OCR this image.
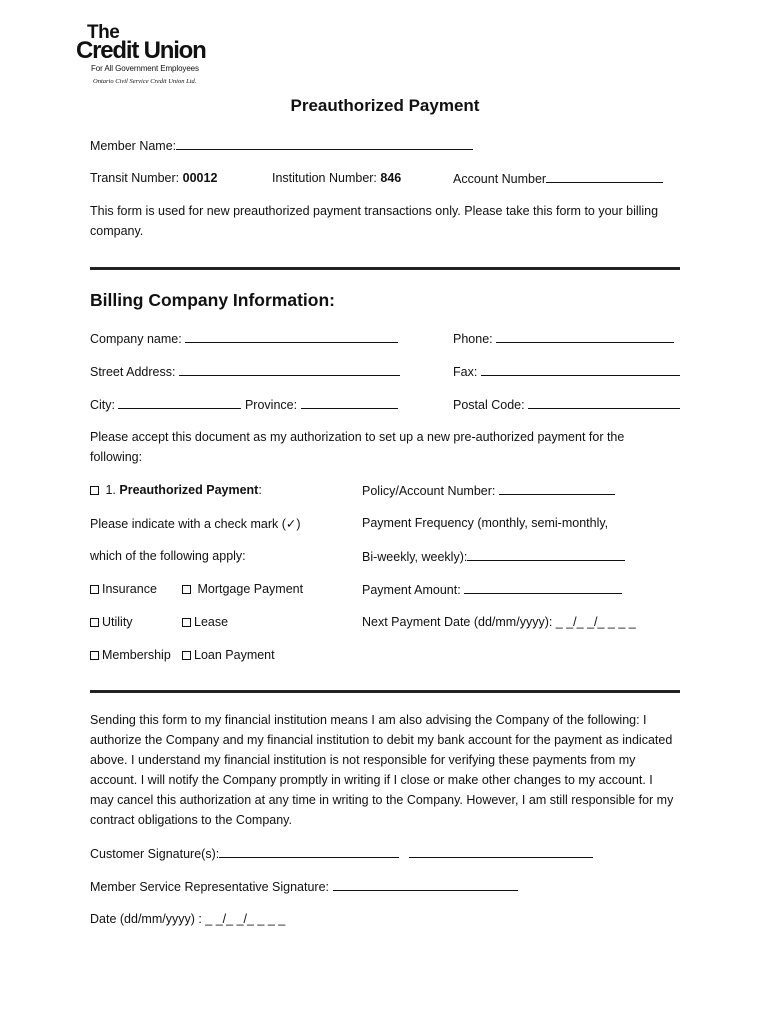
The
Credit Union
For All Government Employees
Ontario Civil Service Credit Union Ltd.
Preauthorized Payment
Member Name:
Transit Number: 00012	Institution Number: 846	Account Number
This form is used for new preauthorized payment transactions only. Please take this form to your billing company.
Billing Company Information:
Company name:	Phone:
Street Address:	Fax:
City:	Province:	Postal Code:
Please accept this document as my authorization to set up a new pre-authorized payment for the following:
1. Preauthorized Payment:	Policy/Account Number:
Please indicate with a check mark (✓)	Payment Frequency (monthly, semi-monthly,
which of the following apply:	Bi-weekly, weekly):
Insurance	Mortgage Payment	Payment Amount:
Utility	Lease	Next Payment Date (dd/mm/yyyy): _ _/_ _/_ _ _ _
Membership	Loan Payment
Sending this form to my financial institution means I am also advising the Company of the following: I authorize the Company and my financial institution to debit my bank account for the payment as indicated above. I understand my financial institution is not responsible for verifying these payments from my account. I will notify the Company promptly in writing if I close or make other changes to my account. I may cancel this authorization at any time in writing to the Company. However, I am still responsible for my contract obligations to the Company.
Customer Signature(s):
Member Service Representative Signature:
Date (dd/mm/yyyy) : _ _/_ _/_ _ _ _
